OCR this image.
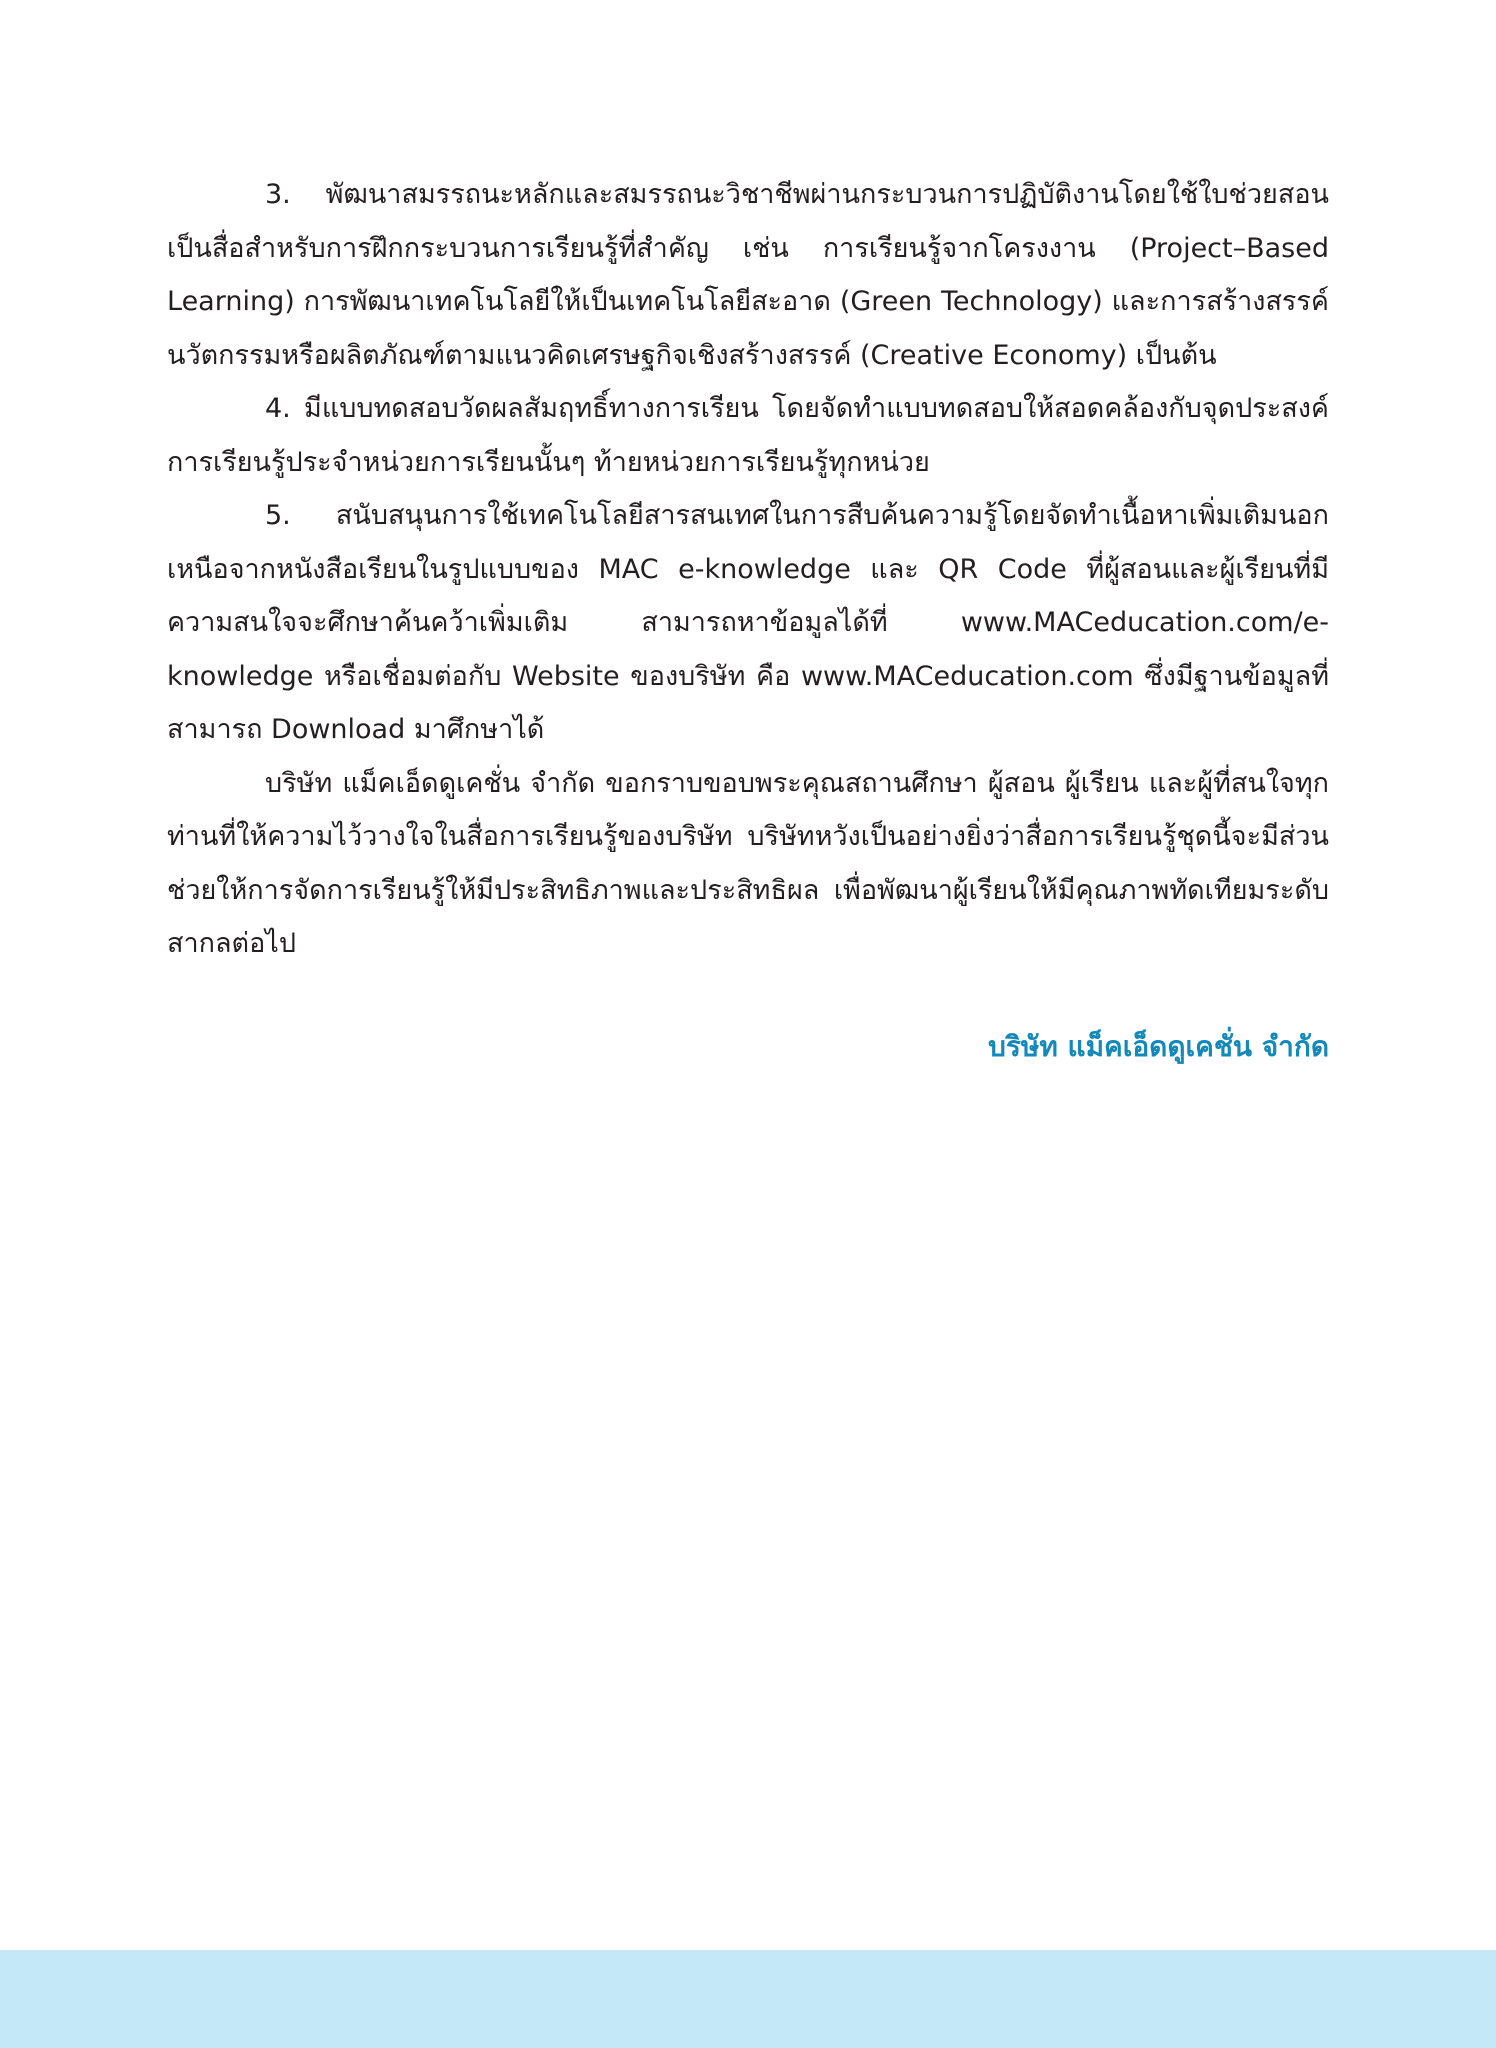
3. พัฒนาสมรรถนะหลักและสมรรถนะวิชาชีพผ่านกระบวนการปฏิบัติงานโดยใช้ใบช่วยสอนเป็นสื่อสำหรับการฝึกกระบวนการเรียนรู้ที่สำคัญ เช่น การเรียนรู้จากโครงงาน (Project–Based Learning) การพัฒนาเทคโนโลยีให้เป็นเทคโนโลยีสะอาด (Green Technology) และการสร้างสรรค์นวัตกรรมหรือผลิตภัณฑ์ตามแนวคิดเศรษฐกิจเชิงสร้างสรรค์ (Creative Economy) เป็นต้น

4. มีแบบทดสอบวัดผลสัมฤทธิ์ทางการเรียน โดยจัดทำแบบทดสอบให้สอดคล้องกับจุดประสงค์การเรียนรู้ประจำหน่วยการเรียนนั้นๆ ท้ายหน่วยการเรียนรู้ทุกหน่วย

5. สนับสนุนการใช้เทคโนโลยีสารสนเทศในการสืบค้นความรู้โดยจัดทำเนื้อหาเพิ่มเติมนอกเหนือจากหนังสือเรียนในรูปแบบของ MAC e-knowledge และ QR Code ที่ผู้สอนและผู้เรียนที่มีความสนใจจะศึกษาค้นคว้าเพิ่มเติม สามารถหาข้อมูลได้ที่ www.MACeducation.com/e-knowledge หรือเชื่อมต่อกับ Website ของบริษัท คือ www.MACeducation.com ซึ่งมีฐานข้อมูลที่สามารถ Download มาศึกษาได้

บริษัท แม็คเอ็ดดูเคชั่น จำกัด ขอกราบขอบพระคุณสถานศึกษา ผู้สอน ผู้เรียน และผู้ที่สนใจทุกท่านที่ให้ความไว้วางใจในสื่อการเรียนรู้ของบริษัท บริษัทหวังเป็นอย่างยิ่งว่าสื่อการเรียนรู้ชุดนี้จะมีส่วนช่วยให้การจัดการเรียนรู้ให้มีประสิทธิภาพและประสิทธิผล เพื่อพัฒนาผู้เรียนให้มีคุณภาพทัดเทียมระดับสากลต่อไป

บริษัท แม็คเอ็ดดูเคชั่น จำกัด
